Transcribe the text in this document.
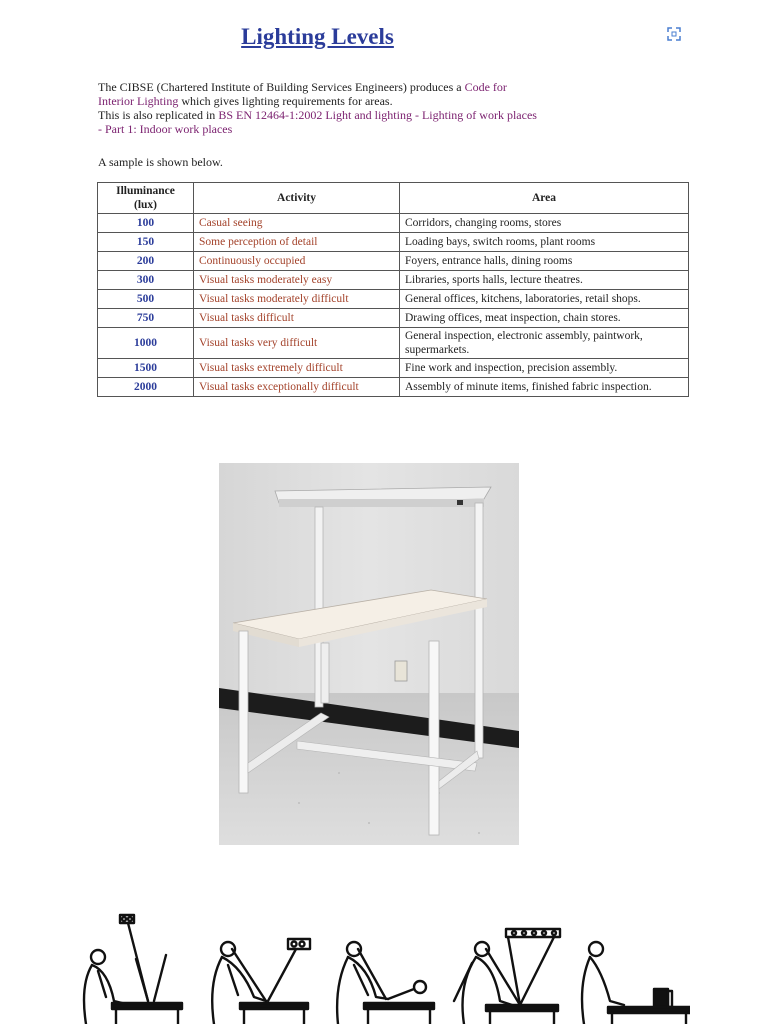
Lighting Levels

The CIBSE (Chartered Institute of Building Services Engineers) produces a Code for
Interior Lighting which gives lighting requirements for areas.
This is also replicated in BS EN 12464-1:2002 Light and lighting - Lighting of work places - Part 1: Indoor work places

A sample is shown below.

Illuminance
(lux)	Activity	Area
100	Casual seeing	Corridors, changing rooms, stores
150	Some perception of detail	Loading bays, switch rooms, plant rooms
200	Continuously occupied	Foyers, entrance halls, dining rooms
300	Visual tasks moderately easy	Libraries, sports halls, lecture theatres.
500	Visual tasks moderately difficult	General offices, kitchens, laboratories, retail shops.
750	Visual tasks difficult	Drawing offices, meat inspection, chain stores.
1000	Visual tasks very difficult	General inspection, electronic assembly, paintwork, supermarkets.
1500	Visual tasks extremely difficult	Fine work and inspection, precision assembly.
2000	Visual tasks exceptionally difficult	Assembly of minute items, finished fabric inspection.
